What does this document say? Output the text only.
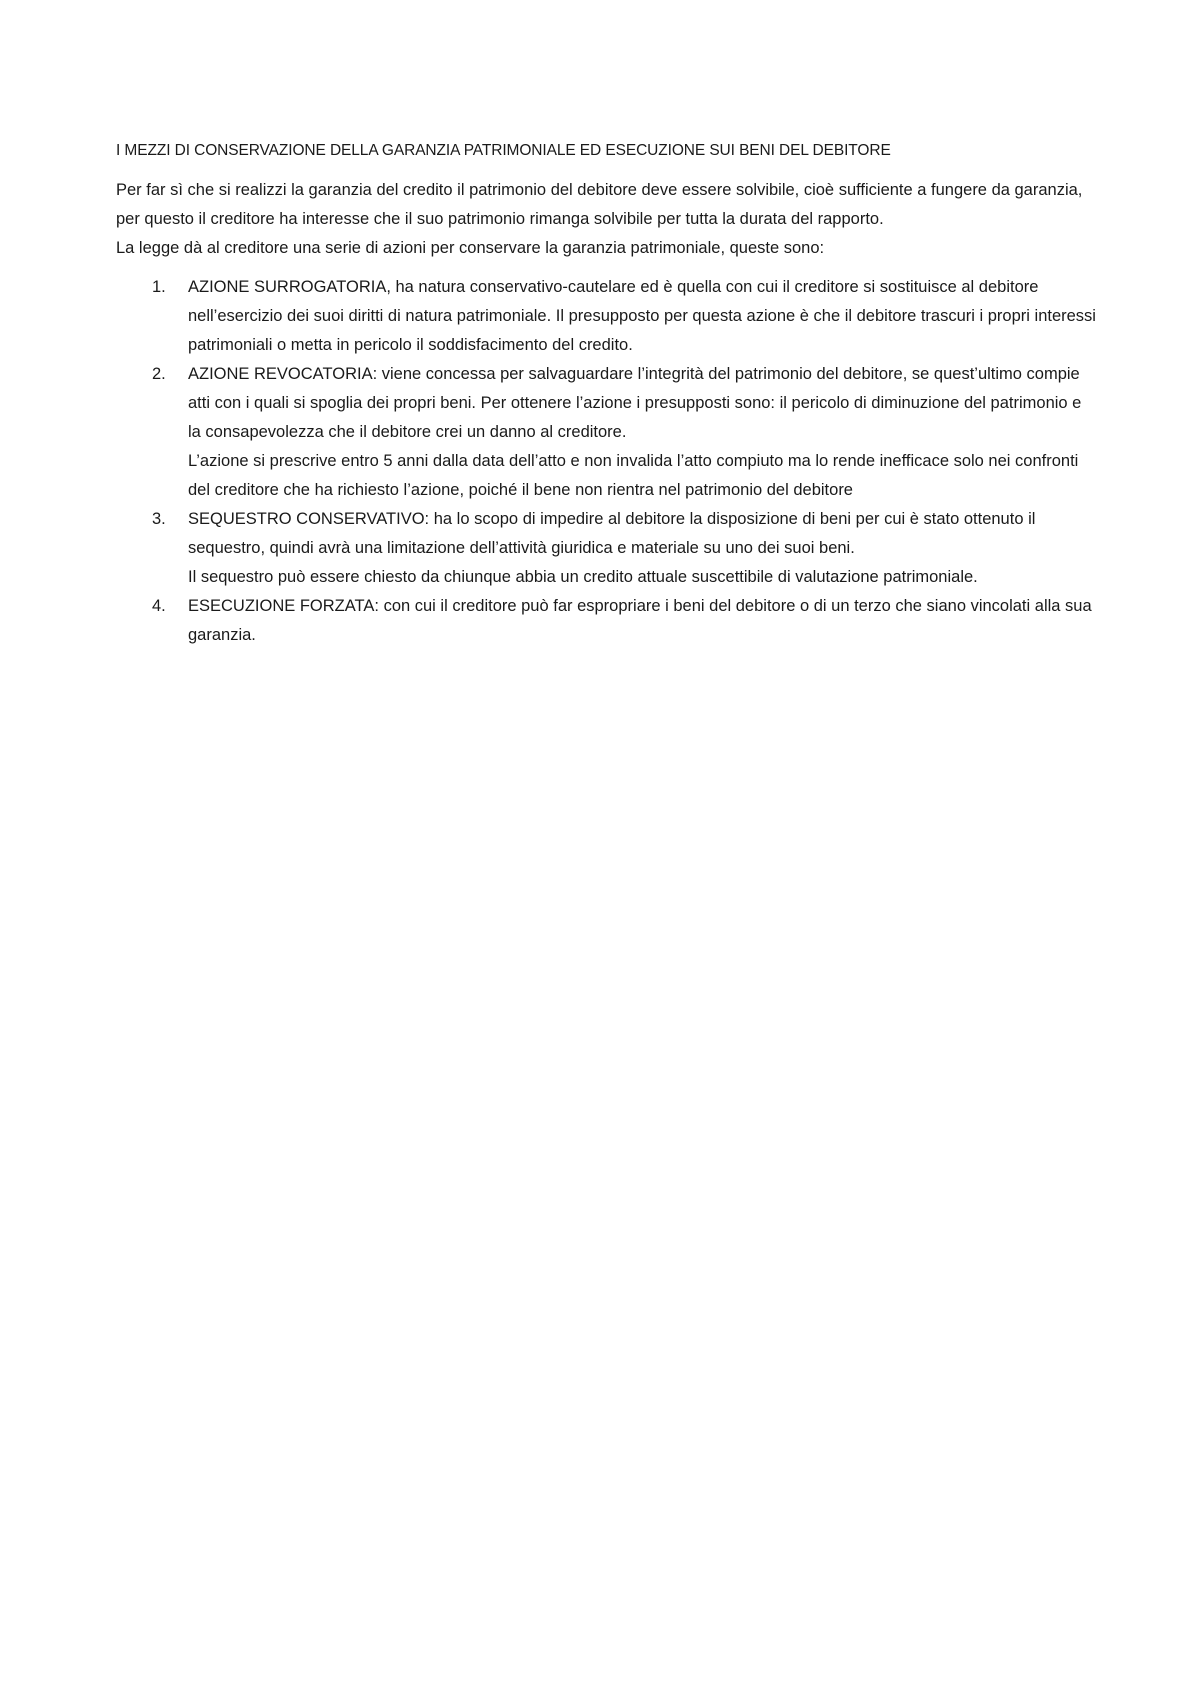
I MEZZI DI CONSERVAZIONE DELLA GARANZIA PATRIMONIALE ED ESECUZIONE SUI BENI DEL DEBITORE

Per far sì che si realizzi la garanzia del credito il patrimonio del debitore deve essere solvibile, cioè sufficiente a fungere da garanzia, per questo il creditore ha interesse che il suo patrimonio rimanga solvibile per tutta la durata del rapporto.

La legge dà al creditore una serie di azioni per conservare la garanzia patrimoniale, queste sono:

1.	AZIONE SURROGATORIA, ha natura conservativo-cautelare ed è quella con cui il creditore si sostituisce al debitore nell’esercizio dei suoi diritti di natura patrimoniale. Il presupposto per questa azione è che il debitore trascuri i propri interessi patrimoniali o metta in pericolo il soddisfacimento del credito.

2.	AZIONE REVOCATORIA: viene concessa per salvaguardare l’integrità del patrimonio del debitore, se quest’ultimo compie atti con i quali si spoglia dei propri beni. Per ottenere l’azione i presupposti sono: il pericolo di diminuzione del patrimonio e la consapevolezza che il debitore crei un danno al creditore.

L’azione si prescrive entro 5 anni dalla data dell’atto e non invalida l’atto compiuto ma lo rende inefficace solo nei confronti del creditore che ha richiesto l’azione, poiché il bene non rientra nel patrimonio del debitore

3.	SEQUESTRO CONSERVATIVO: ha lo scopo di impedire al debitore la disposizione di beni per cui è stato ottenuto il sequestro, quindi avrà una limitazione dell’attività giuridica e materiale su uno dei suoi beni.

Il sequestro può essere chiesto da chiunque abbia un credito attuale suscettibile di valutazione patrimoniale.

4.	ESECUZIONE FORZATA: con cui il creditore può far espropriare i beni del debitore o di un terzo che siano vincolati alla sua garanzia.
